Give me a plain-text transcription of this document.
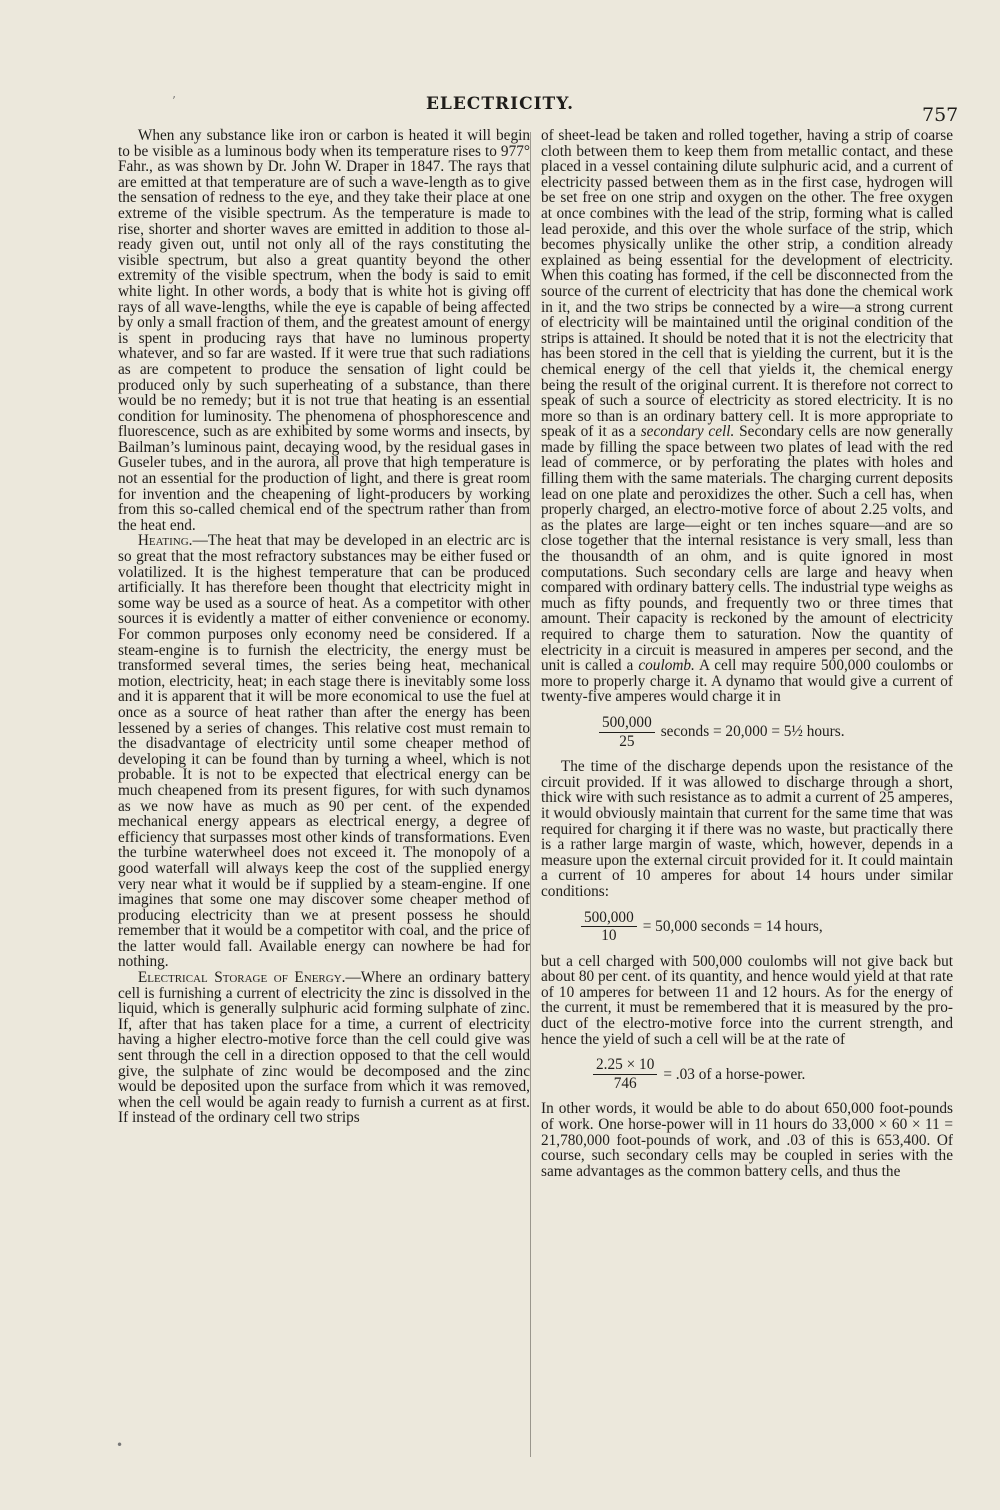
’	ELECTRICITY.	757

When any substance like iron or carbon is heated it will begin to be visible as a luminous body when its temperature rises to 977° Fahr., as was shown by Dr. John W. Draper in 1847. The rays that are emitted at that temperature are of such a wave-length as to give the sensation of redness to the eye, and they take their place at one extreme of the visible spectrum. As the temperature is made to rise, shorter and shorter waves are emitted in addition to those already given out, until not only all of the rays constituting the visible spectrum, but also a great quantity beyond the other extremity of the visible spectrum, when the body is said to emit white light. In other words, a body that is white hot is giving off rays of all wave-lengths, while the eye is capable of being affected by only a small fraction of them, and the greatest amount of energy is spent in producing rays that have no luminous property whatever, and so far are wasted. If it were true that such radiations as are competent to produce the sensation of light could be produced only by such superheating of a substance, than there would be no remedy; but it is not true that heating is an essential condition for luminosity. The phenomena of phosphorescence and fluorescence, such as are exhibited by some worms and insects, by Bailman’s luminous paint, decaying wood, by the residual gases in Guseler tubes, and in the aurora, all prove that high temperature is not an essential for the production of light, and there is great room for invention and the cheapening of light-producers by working from this so-called chemical end of the spectrum rather than from the heat end.

Heating.—The heat that may be developed in an electric arc is so great that the most refractory substances may be either fused or volatilized. It is the highest temperature that can be produced artificially. It has therefore been thought that electricity might in some way be used as a source of heat. As a competitor with other sources it is evidently a matter of either convenience or economy. For common purposes only economy need be considered. If a steam-engine is to furnish the electricity, the energy must be transformed several times, the series being heat, mechanical motion, electricity, heat; in each stage there is inevitably some loss and it is apparent that it will be more economical to use the fuel at once as a source of heat rather than after the energy has been lessened by a series of changes. This relative cost must remain to the disadvantage of electricity until some cheaper method of developing it can be found than by turning a wheel, which is not probable. It is not to be expected that electrical energy can be much cheapened from its present figures, for with such dynamos as we now have as much as 90 per cent. of the expended mechanical energy appears as electrical energy, a degree of efficiency that surpasses most other kinds of transformations. Even the turbine waterwheel does not exceed it. The monopoly of a good waterfall will always keep the cost of the supplied energy very near what it would be if supplied by a steam-engine. If one imagines that some one may discover some cheaper method of producing electricity than we at present possess he should remember that it would be a competitor with coal, and the price of the latter would fall. Available energy can nowhere be had for nothing.

Electrical Storage of Energy.—Where an ordinary battery cell is furnishing a current of electricity the zinc is dissolved in the liquid, which is generally sulphuric acid forming sulphate of zinc. If, after that has taken place for a time, a current of electricity having a higher electro-motive force than the cell could give was sent through the cell in a direction opposed to that the cell would give, the sulphate of zinc would be decomposed and the zinc would be deposited upon the surface from which it was removed, when the cell would be again ready to furnish a current as at first. If instead of the ordinary cell two strips

of sheet-lead be taken and rolled together, having a strip of coarse cloth between them to keep them from metallic contact, and these placed in a vessel containing dilute sulphuric acid, and a current of electricity passed between them as in the first case, hydrogen will be set free on one strip and oxygen on the other. The free oxygen at once combines with the lead of the strip, forming what is called lead peroxide, and this over the whole surface of the strip, which becomes physically unlike the other strip, a condition already explained as being essential for the development of electricity. When this coating has formed, if the cell be disconnected from the source of the current of electricity that has done the chemical work in it, and the two strips be connected by a wire—a strong current of electricity will be maintained until the original condition of the strips is attained. It should be noted that it is not the electricity that has been stored in the cell that is yielding the current, but it is the chemical energy of the cell that yields it, the chemical energy being the result of the original current. It is therefore not correct to speak of such a source of electricity as stored electricity. It is no more so than is an ordinary battery cell. It is more appropriate to speak of it as a secondary cell. Secondary cells are now generally made by filling the space between two plates of lead with the red lead of commerce, or by perforating the plates with holes and filling them with the same materials. The charging current deposits lead on one plate and peroxidizes the other. Such a cell has, when properly charged, an electro-motive force of about 2.25 volts, and as the plates are large—eight or ten inches square—and are so close together that the internal resistance is very small, less than the thousandth of an ohm, and is quite ignored in most computations. Such secondary cells are large and heavy when compared with ordinary battery cells. The industrial type weighs as much as fifty pounds, and frequently two or three times that amount. Their capacity is reckoned by the amount of electricity required to charge them to saturation. Now the quantity of electricity in a circuit is measured in amperes per second, and the unit is called a coulomb. A cell may require 500,000 coulombs or more to properly charge it. A dynamo that would give a current of twenty-five amperes would charge it in

$\frac{500,000}{25}$ seconds = 20,000 = 5½ hours.

The time of the discharge depends upon the resistance of the circuit provided. If it was allowed to discharge through a short, thick wire with such resistance as to admit a current of 25 amperes, it would obviously maintain that current for the same time that was required for charging it if there was no waste, but practically there is a rather large margin of waste, which, however, depends in a measure upon the external circuit provided for it. It could maintain a current of 10 amperes for about 14 hours under similar conditions:

$\frac{500,000}{10} = 50,000$ seconds = 14 hours,

but a cell charged with 500,000 coulombs will not give back but about 80 per cent. of its quantity, and hence would yield at that rate of 10 amperes for between 11 and 12 hours. As for the energy of the current, it must be remembered that it is measured by the product of the electro-motive force into the current strength, and hence the yield of such a cell will be at the rate of

$\frac{2.25 \times 10}{746} = .03$ of a horse-power.

In other words, it would be able to do about 650,000 foot-pounds of work. One horse-power will in 11 hours do 33,000 × 60 × 11 = 21,780,000 foot-pounds of work, and .03 of this is 653,400. Of course, such secondary cells may be coupled in series with the same advantages as the common battery cells, and thus the

•
